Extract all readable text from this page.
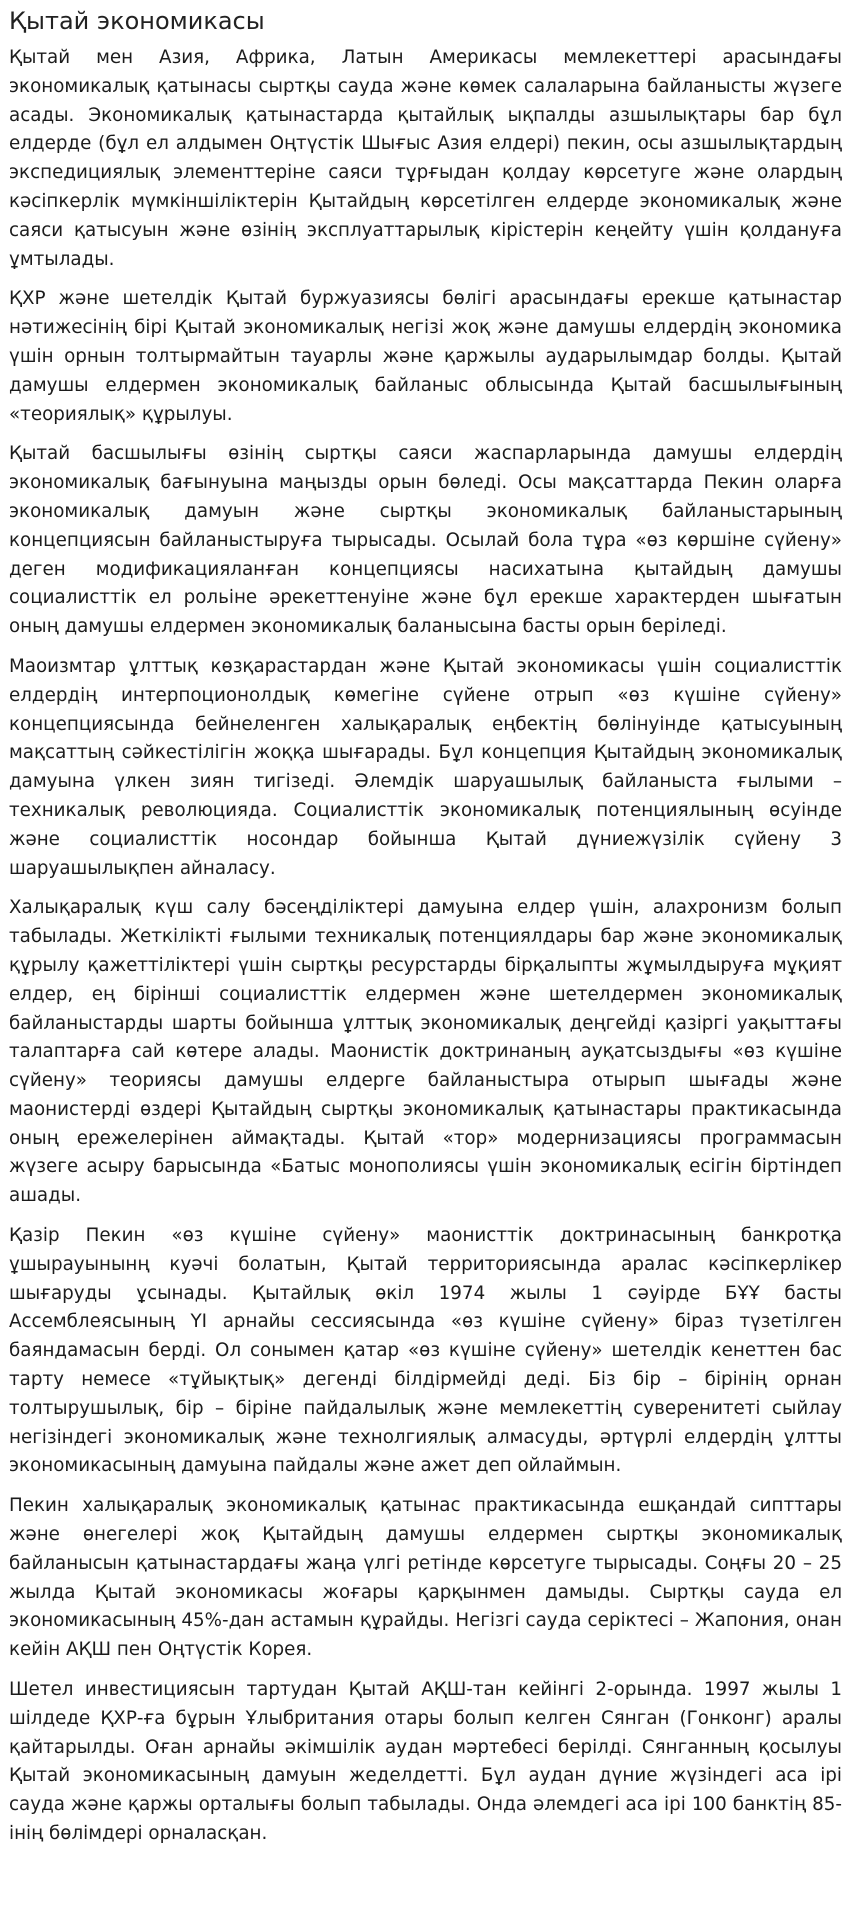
Қытай экономикасы

Қытай мен Азия, Африка, Латын Америкасы мемлекеттері арасындағы экономикалық қатынасы сыртқы сауда және көмек салаларына байланысты жүзеге асады. Экономикалық қатынастарда қытайлық ықпалды азшылықтары бар бұл елдерде (бұл ел алдымен Оңтүстік Шығыс Азия елдері) пекин, осы азшылықтардың экспедициялық элементтеріне саяси тұрғыдан қолдау көрсетуге және олардың кәсіпкерлік мүмкіншіліктерін Қытайдың көрсетілген елдерде экономикалық және саяси қатысуын және өзінің эксплуаттарылық кірістерін кеңейту үшін қолдануға ұмтылады.

ҚХР және шетелдік Қытай буржуазиясы бөлігі арасындағы ерекше қатынастар нәтижесінің бірі Қытай экономикалық негізі жоқ және дамушы елдердің экономика үшін орнын толтырмайтын тауарлы және қаржылы аударылымдар болды. Қытай дамушы елдермен экономикалық байланыс облысында Қытай басшылығының «теориялық» құрылуы.

Қытай басшылығы өзінің сыртқы саяси жаспарларында дамушы елдердің экономикалық бағынуына маңызды орын бөледі. Осы мақсаттарда Пекин оларға экономикалық дамуын және сыртқы экономикалық байланыстарының концепциясын байланыстыруға тырысады. Осылай бола тұра «өз көршіне сүйену» деген модификацияланған концепциясы насихатына қытайдың дамушы социалисттік ел рольіне әрекеттенуіне және бұл ерекше характерден шығатын оның дамушы елдермен экономикалық баланысына басты орын беріледі.

Маоизмтар ұлттық көзқарастардан және Қытай экономикасы үшін социалисттік елдердің интерпоционолдық көмегіне сүйене отрып «өз күшіне сүйену» концепциясында бейнеленген халықаралық еңбектің бөлінуінде қатысуының мақсаттың сәйкестілігін жоққа шығарады. Бұл концепция Қытайдың экономикалық дамуына үлкен зиян тигізеді. Әлемдік шаруашылық байланыста ғылыми – техникалық революцияда. Социалисттік экономикалық потенциялының өсуінде және социалисттік носондар бойынша Қытай дүниежүзілік сүйену 3 шаруашылықпен айналасу.

Халықаралық күш салу бәсеңділіктері дамуына елдер үшін, алахронизм болып табылады. Жеткілікті ғылыми техникалық потенциялдары бар және экономикалық құрылу қажеттіліктері үшін сыртқы ресурстарды бірқалыпты жұмылдыруға мұқият елдер, ең бірінші социалисттік елдермен және шетелдермен экономикалық байланыстарды шарты бойынша ұлттық экономикалық деңгейді қазіргі уақыттағы талаптарға сай көтере алады. Маонистік доктринаның ауқатсыздығы «өз күшіне сүйену» теориясы дамушы елдерге байланыстыра отырып шығады және маонистерді өздері Қытайдың сыртқы экономикалық қатынастары практикасында оның ережелерінен аймақтады. Қытай «тор» модернизациясы программасын жүзеге асыру барысында «Батыс монополиясы үшін экономикалық есігін біртіндеп ашады.

Қазір Пекин «өз күшіне сүйену» маонисттік доктринасының банкротқа ұшырауынынң куәчі болатын, Қытай территориясында аралас кәсіпкерлікер шығаруды ұсынады. Қытайлық өкіл 1974 жылы 1 сәуірде БҰҰ басты Ассемблеясының YI арнайы сессиясында «өз күшіне сүйену» біраз түзетілген баяндамасын берді. Ол сонымен қатар «өз күшіне сүйену» шетелдік кенеттен бас тарту немесе «тұйықтық» дегенді білдірмейді деді. Біз бір – бірінің орнан толтырушылық, бір – біріне пайдалылық және мемлекеттің суверенитеті сыйлау негізіндегі экономикалық және технолгиялық алмасуды, әртүрлі елдердің ұлтты экономикасының дамуына пайдалы және ажет деп ойлаймын.

Пекин халықаралық экономикалық қатынас практикасында ешқандай сипттары және өнегелері жоқ Қытайдың дамушы елдермен сыртқы экономикалық байланысын қатынастардағы жаңа үлгі ретінде көрсетуге тырысады. Соңғы 20 – 25 жылда Қытай экономикасы жоғары қарқынмен дамыды. Сыртқы сауда ел экономикасының 45%-дан астамын құрайды. Негізгі сауда серіктесі – Жапония, онан кейін АҚШ пен Оңтүстік Корея.

Шетел инвестициясын тартудан Қытай АҚШ-тан кейінгі 2-орында. 1997 жылы 1 шілдеде ҚХР-ға бұрын Ұлыбритания отары болып келген Сянган (Гонконг) аралы қайтарылды. Оған арнайы әкімшілік аудан мәртебесі берілді. Сянганның қосылуы Қытай экономикасының дамуын жеделдетті. Бұл аудан дүние жүзіндегі аса ірі сауда және қаржы орталығы болып табылады. Онда әлемдегі аса ірі 100 банктің 85-інің бөлімдері орналасқан.
